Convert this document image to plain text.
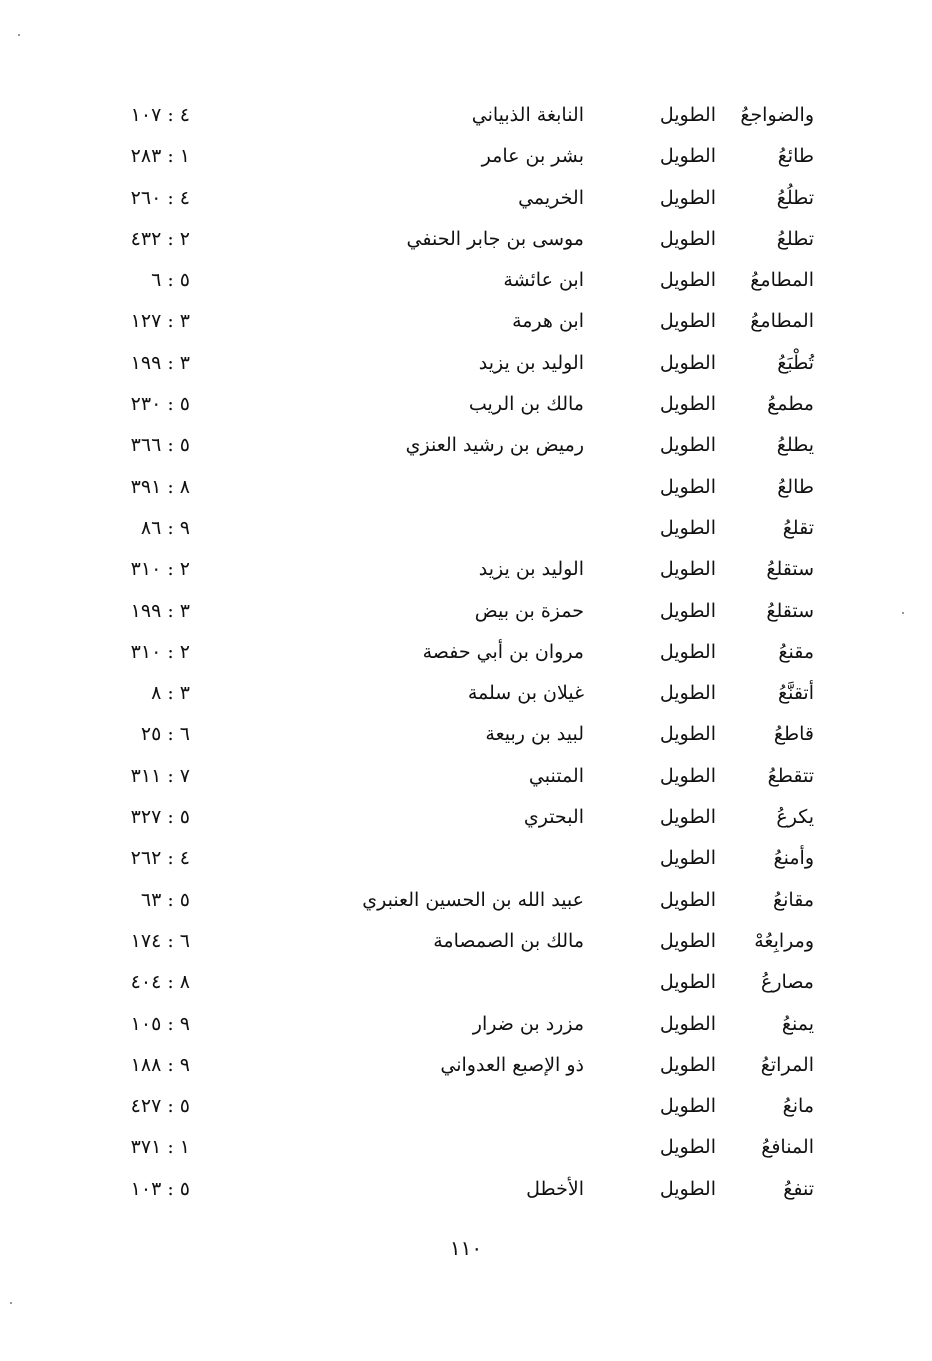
والضواجعُ
الطويل
النابغة الذبياني
٤ : ١٠٧
طائعُ
الطويل
بشر بن عامر
١ : ٢٨٣
تطلُعُ
الطويل
الخريمي
٤ : ٢٦٠
تطلعُ
الطويل
موسى بن جابر الحنفي
٢ : ٤٣٢
المطامعُ
الطويل
ابن عائشة
٥ : ٦
المطامعُ
الطويل
ابن هرمة
٣ : ١٢٧
تُطْبَعُ
الطويل
الوليد بن يزيد
٣ : ١٩٩
مطمعُ
الطويل
مالك بن الريب
٥ : ٢٣٠
يطلعُ
الطويل
رميض بن رشيد العنزي
٥ : ٣٦٦
طالعُ
الطويل
٨ : ٣٩١
تقلعُ
الطويل
٩ : ٨٦
ستقلعُ
الطويل
الوليد بن يزيد
٢ : ٣١٠
ستقلعُ
الطويل
حمزة بن بيض
٣ : ١٩٩
مقنعُ
الطويل
مروان بن أبي حفصة
٢ : ٣١٠
أتقنَّعُ
الطويل
غيلان بن سلمة
٣ : ٨
قاطعُ
الطويل
لبيد بن ربيعة
٦ : ٢٥
تتقطعُ
الطويل
المتنبي
٧ : ٣١١
يكرعُ
الطويل
البحتري
٥ : ٣٢٧
وأمنعُ
الطويل
٤ : ٢٦٢
مقانعُ
الطويل
عبيد الله بن الحسين العنبري
٥ : ٦٣
ومرابِعُهْ
الطويل
مالك بن الصمصامة
٦ : ١٧٤
مصارعُ
الطويل
٨ : ٤٠٤
يمنعُ
الطويل
مزرد بن ضرار
٩ : ١٠٥
المراتعُ
الطويل
ذو الإصبع العدواني
٩ : ١٨٨
مانعُ
الطويل
٥ : ٤٢٧
المنافعُ
الطويل
١ : ٣٧١
تنفعُ
الطويل
الأخطل
٥ : ١٠٣
١١٠
